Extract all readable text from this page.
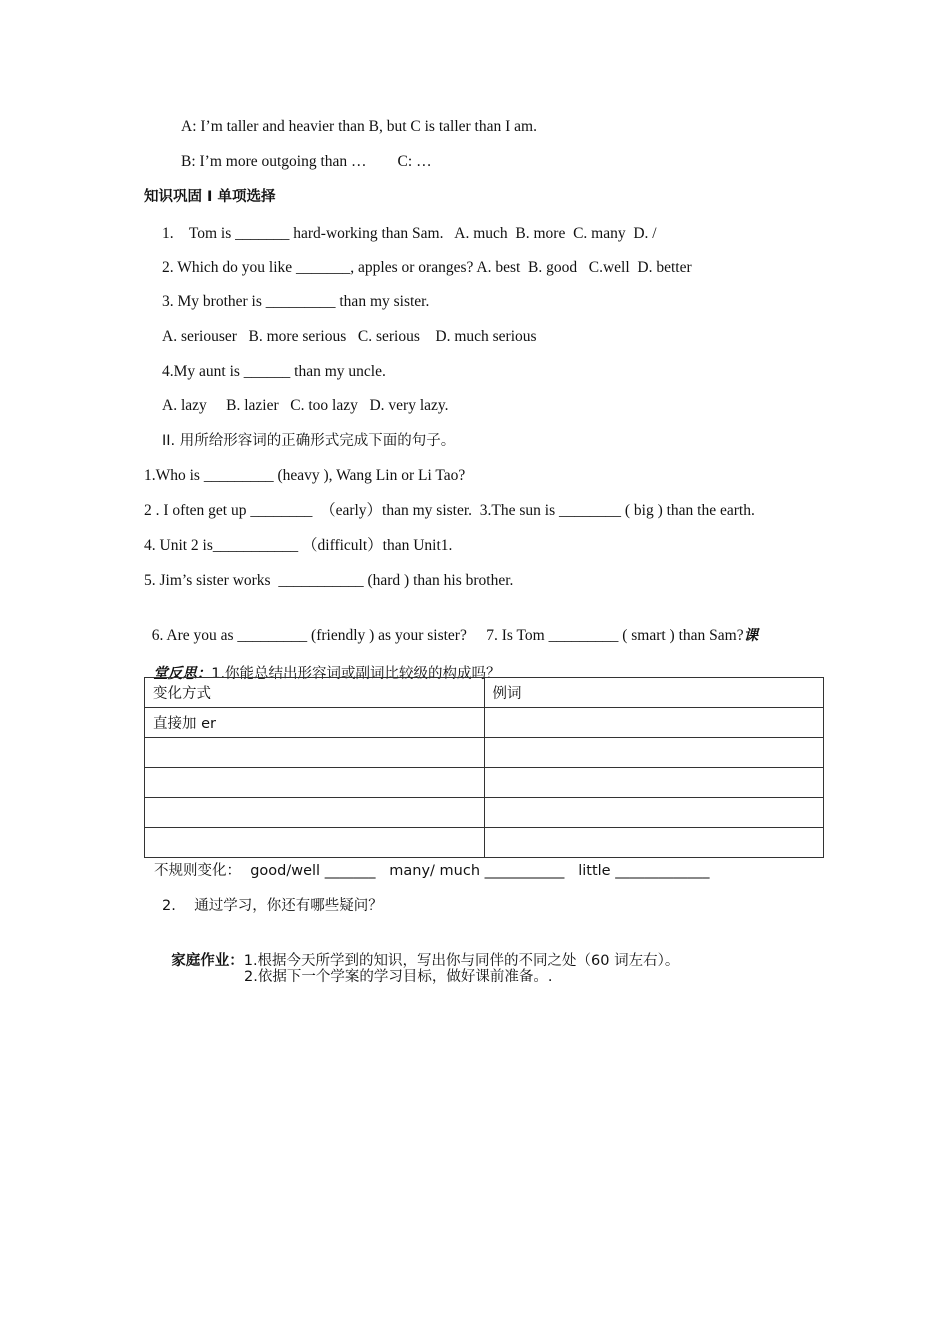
A: I’m taller and heavier than B, but C is taller than I am.
B: I’m more outgoing than …        C: …
知识巩固 I 单项选择
1.    Tom is _______ hard-working than Sam.   A. much  B. more  C. many  D. /
2. Which do you like _______, apples or oranges? A. best  B. good   C.well  D. better
3. My brother is _________ than my sister.
A. seriouser   B. more serious   C. serious    D. much serious
4.My aunt is ______ than my uncle.
A. lazy     B. lazier   C. too lazy   D. very lazy.
II. 用所给形容词的正确形式完成下面的句子。
1.Who is _________ (heavy ), Wang Lin or Li Tao?
2 . I often get up ________  （early）than my sister.  3.The sun is ________ ( big ) than the earth.
4. Unit 2 is___________ （difficult）than Unit1.
5. Jim’s sister works  ___________ (hard ) than his brother.

6. Are you as _________ (friendly ) as your sister?     7. Is Tom _________ ( smart ) than Sam?课

堂反思：1.你能总结出形容词或副词比较级的构成吗？

变化方式	例词
直接加 er	

不规则变化：  good/well _______   many/ much ___________   little _____________
2.    通过学习，你还有哪些疑问？

家庭作业：1.根据今天所学到的知识，写出你与同伴的不同之处（60 词左右）。

2.依据下一个学案的学习目标，做好课前准备。.
